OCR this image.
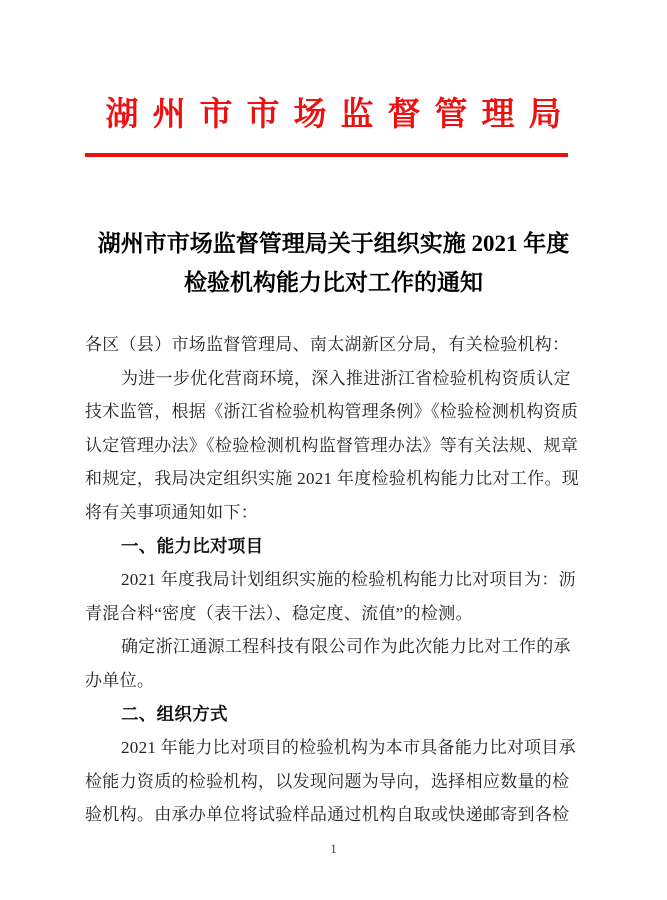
湖州市市场监督管理局
湖州市市场监督管理局关于组织实施 2021 年度
检验机构能力比对工作的通知
各区（县）市场监督管理局、南太湖新区分局，有关检验机构：
为进一步优化营商环境，深入推进浙江省检验机构资质认定
技术监管，根据《浙江省检验机构管理条例》《检验检测机构资质
认定管理办法》《检验检测机构监督管理办法》等有关法规、规章
和规定，我局决定组织实施 2021 年度检验机构能力比对工作。现
将有关事项通知如下：
一、能力比对项目
2021 年度我局计划组织实施的检验机构能力比对项目为：沥
青混合料“密度（表干法）、稳定度、流值”的检测。
确定浙江通源工程科技有限公司作为此次能力比对工作的承
办单位。
二、组织方式
2021 年能力比对项目的检验机构为本市具备能力比对项目承
检能力资质的检验机构，以发现问题为导向，选择相应数量的检
验机构。由承办单位将试验样品通过机构自取或快递邮寄到各检
1
